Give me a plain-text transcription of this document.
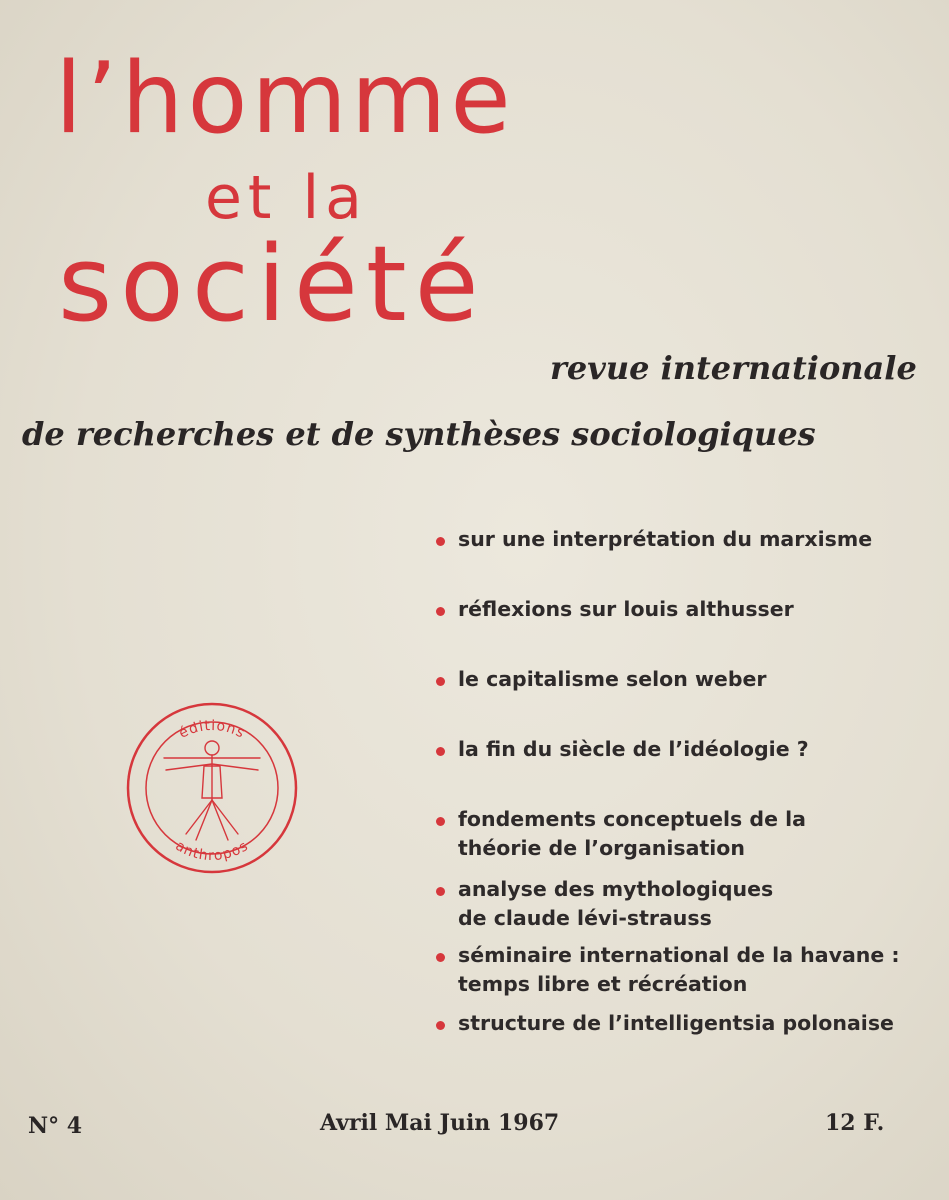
l’homme
et la
société
revue internationale
de recherches et de synthèses sociologiques
sur une interprétation du marxisme
réflexions sur louis althusser
le capitalisme selon weber
la fin du siècle de l’idéologie ?
fondements conceptuels de la
théorie de l’organisation
analyse des mythologiques
de claude lévi-strauss
séminaire international de la havane :
temps libre et récréation
structure de l’intelligentsia polonaise
éditions
anthropos
N° 4	Avril Mai Juin 1967	12 F.
